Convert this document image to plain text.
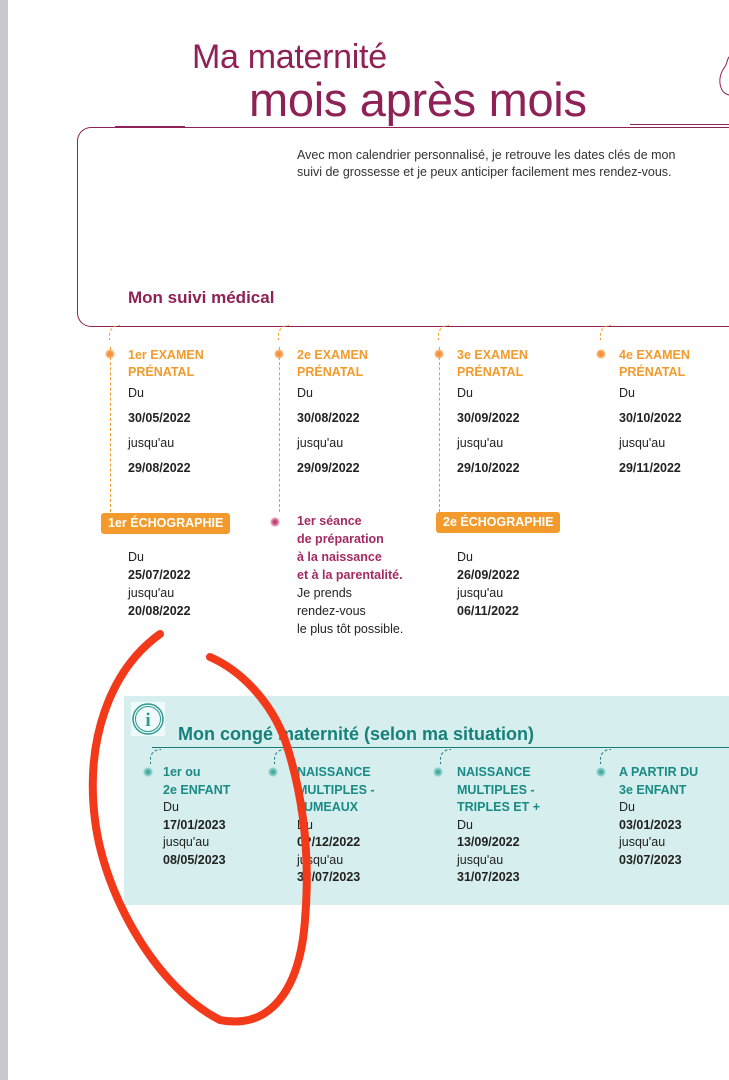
Ma maternité
mois après mois
Avec mon calendrier personnalisé, je retrouve les dates clés de mon suivi de grossesse et je peux anticiper facilement mes rendez-vous.
Mon suivi médical
1er EXAMEN PRÉNATAL
Du
30/05/2022
jusqu'au
29/08/2022
2e EXAMEN PRÉNATAL
Du
30/08/2022
jusqu'au
29/09/2022
3e EXAMEN PRÉNATAL
Du
30/09/2022
jusqu'au
29/10/2022
4e EXAMEN PRÉNATAL
Du
30/10/2022
jusqu'au
29/11/2022
1er ÉCHOGRAPHIE
Du
25/07/2022
jusqu'au
20/08/2022
1er séance
de préparation
à la naissance
et à la parentalité.
Je prends
rendez-vous
le plus tôt possible.
2e ÉCHOGRAPHIE
Du
26/09/2022
jusqu'au
06/11/2022
i
Mon congé maternité (selon ma situation)
1er ou
2e ENFANT
Du
17/01/2023
jusqu'au
08/05/2023
NAISSANCE
MULTIPLES -
JUMEAUX
Du
0?/12/2022
jusqu'au
3?/07/2023
NAISSANCE
MULTIPLES -
TRIPLES ET +
Du
13/09/2022
jusqu'au
31/07/2023
A PARTIR DU
3e ENFANT
Du
03/01/2023
jusqu'au
03/07/2023
